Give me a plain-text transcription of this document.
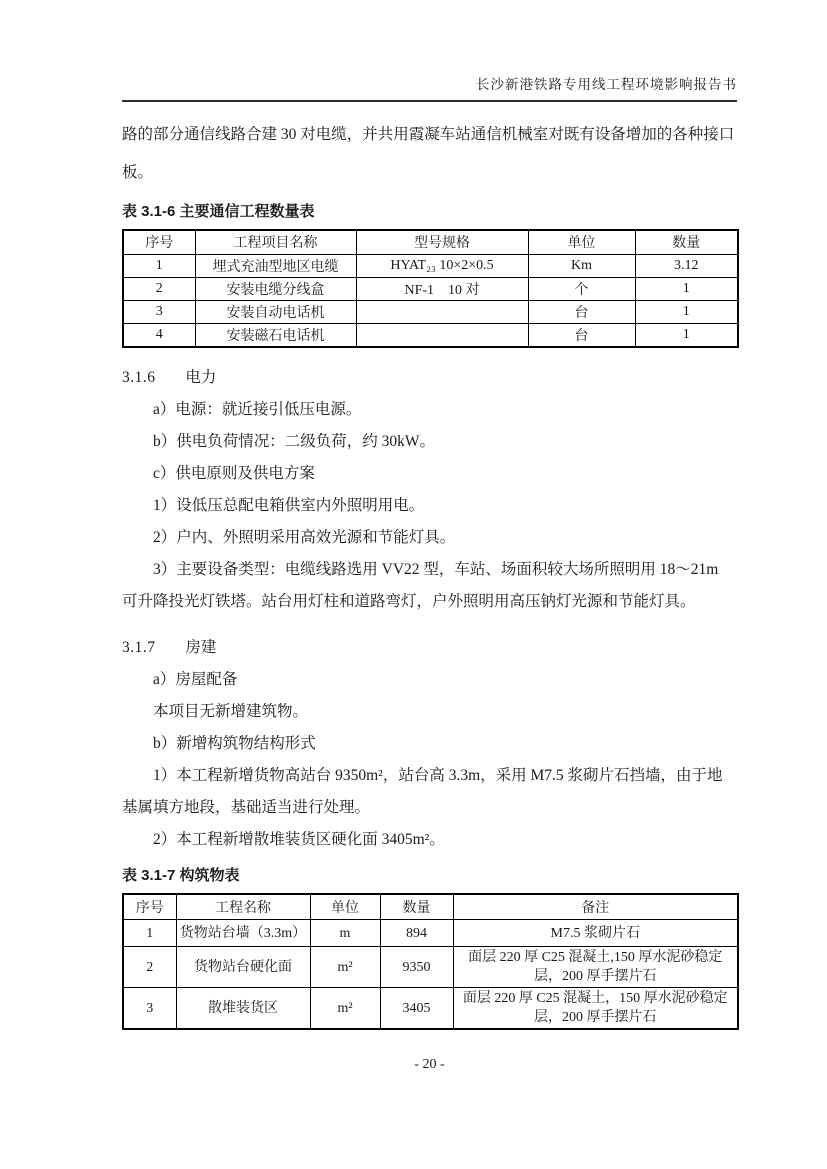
长沙新港铁路专用线工程环境影响报告书

路的部分通信线路合建 30 对电缆，并共用霞凝车站通信机械室对既有设备增加的各种接口板。

表 3.1-6 主要通信工程数量表
序号	工程项目名称	型号规格	单位	数量
1	埋式充油型地区电缆	HYAT₂₃ 10×2×0.5	Km	3.12
2	安装电缆分线盒	NF-1　10 对	个	1
3	安装自动电话机		台	1
4	安装磁石电话机		台	1

3.1.6 电力

a）电源：就近接引低压电源。

b）供电负荷情况：二级负荷，约 30kW。

c）供电原则及供电方案

1）设低压总配电箱供室内外照明用电。

2）户内、外照明采用高效光源和节能灯具。

3）主要设备类型：电缆线路选用 VV22 型，车站、场面积较大场所照明用 18～21m 可升降投光灯铁塔。站台用灯柱和道路弯灯，户外照明用高压钠灯光源和节能灯具。

3.1.7 房建

a）房屋配备

本项目无新增建筑物。

b）新增构筑物结构形式

1）本工程新增货物高站台 9350m²，站台高 3.3m，采用 M7.5 浆砌片石挡墙，由于地基属填方地段，基础适当进行处理。

2）本工程新增散堆装货区硬化面 3405m²。

表 3.1-7 构筑物表
序号	工程名称	单位	数量	备注
1	货物站台墙（3.3m）	m	894	M7.5 浆砌片石
2	货物站台硬化面	m²	9350	面层 220 厚 C25 混凝土,150 厚水泥砂稳定层，200 厚手摆片石
3	散堆装货区	m²	3405	面层 220 厚 C25 混凝土，150 厚水泥砂稳定层，200 厚手摆片石
- 20 -
